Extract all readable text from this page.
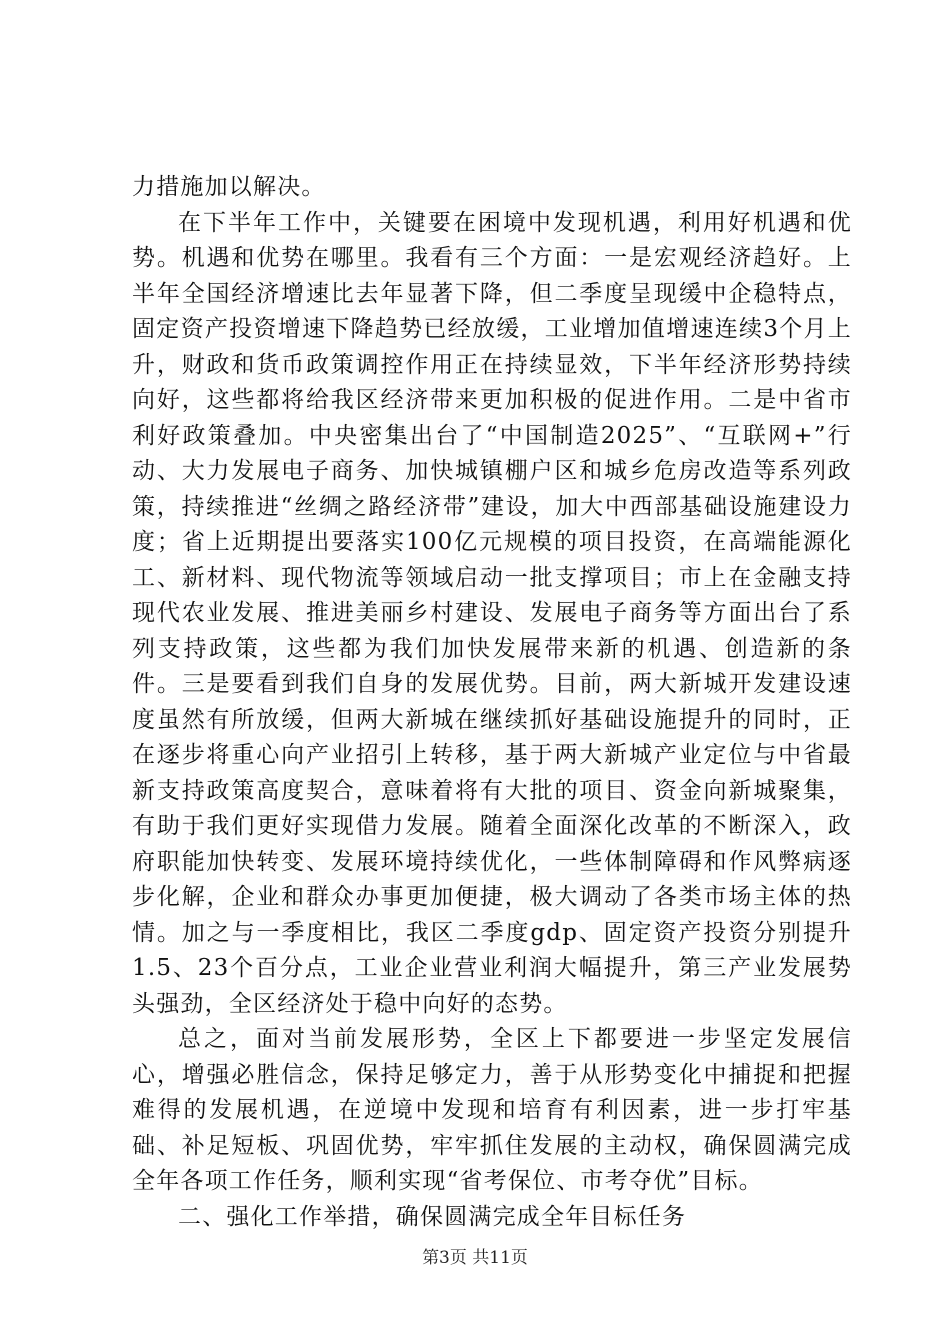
力措施加以解决。

在下半年工作中，关键要在困境中发现机遇，利用好机遇和优势。机遇和优势在哪里。我看有三个方面：一是宏观经济趋好。上半年全国经济增速比去年显著下降，但二季度呈现缓中企稳特点，固定资产投资增速下降趋势已经放缓，工业增加值增速连续3个月上升，财政和货币政策调控作用正在持续显效，下半年经济形势持续向好，这些都将给我区经济带来更加积极的促进作用。二是中省市利好政策叠加。中央密集出台了“中国制造2025”、“互联网+”行动、大力发展电子商务、加快城镇棚户区和城乡危房改造等系列政策，持续推进“丝绸之路经济带”建设，加大中西部基础设施建设力度；省上近期提出要落实100亿元规模的项目投资，在高端能源化工、新材料、现代物流等领域启动一批支撑项目；市上在金融支持现代农业发展、推进美丽乡村建设、发展电子商务等方面出台了系列支持政策，这些都为我们加快发展带来新的机遇、创造新的条件。三是要看到我们自身的发展优势。目前，两大新城开发建设速度虽然有所放缓，但两大新城在继续抓好基础设施提升的同时，正在逐步将重心向产业招引上转移，基于两大新城产业定位与中省最新支持政策高度契合，意味着将有大批的项目、资金向新城聚集，有助于我们更好实现借力发展。随着全面深化改革的不断深入，政府职能加快转变、发展环境持续优化，一些体制障碍和作风弊病逐步化解，企业和群众办事更加便捷，极大调动了各类市场主体的热情。加之与一季度相比，我区二季度gdp、固定资产投资分别提升1.5、23个百分点，工业企业营业利润大幅提升，第三产业发展势头强劲，全区经济处于稳中向好的态势。

总之，面对当前发展形势，全区上下都要进一步坚定发展信心，增强必胜信念，保持足够定力，善于从形势变化中捕捉和把握难得的发展机遇，在逆境中发现和培育有利因素，进一步打牢基础、补足短板、巩固优势，牢牢抓住发展的主动权，确保圆满完成全年各项工作任务，顺利实现“省考保位、市考夺优”目标。

二、强化工作举措，确保圆满完成全年目标任务

第3页 共11页
